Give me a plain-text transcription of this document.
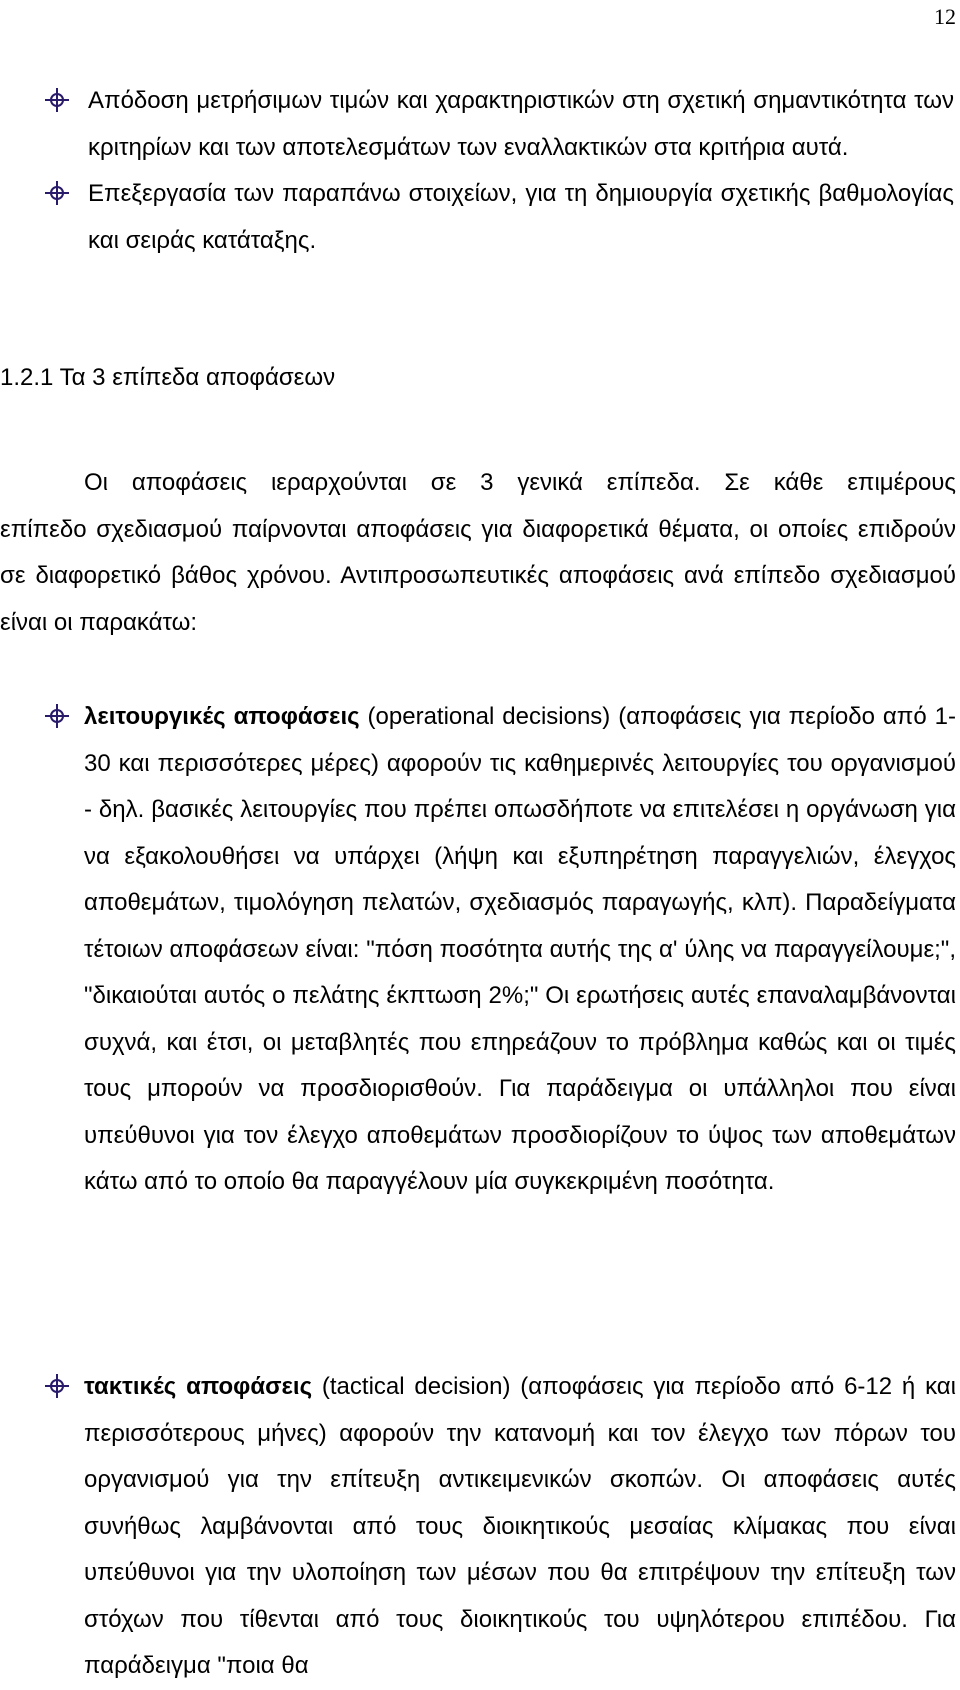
12

Απόδοση μετρήσιμων τιμών και χαρακτηριστικών στη σχετική σημαντικότητα των κριτηρίων και των αποτελεσμάτων των εναλλακτικών στα κριτήρια αυτά.

Επεξεργασία των παραπάνω στοιχείων, για τη δημιουργία σχετικής βαθμολογίας και σειράς κατάταξης.

1.2.1 Τα 3 επίπεδα αποφάσεων

Οι αποφάσεις ιεραρχούνται σε 3 γενικά επίπεδα. Σε κάθε επιμέρους

επίπεδο σχεδιασμού παίρνονται αποφάσεις για διαφορετικά θέματα, οι οποίες επιδρούν σε διαφορετικό βάθος χρόνου. Αντιπροσωπευτικές αποφάσεις ανά επίπεδο σχεδιασμού είναι οι παρακάτω:

λειτουργικές αποφάσεις (operational decisions) (αποφάσεις για περίοδο από 1-30 και περισσότερες μέρες) αφορούν τις καθημερινές λειτουργίες του οργανισμού - δηλ. βασικές λειτουργίες που πρέπει οπωσδήποτε να επιτελέσει η οργάνωση για να εξακολουθήσει να υπάρχει (λήψη και εξυπηρέτηση παραγγελιών, έλεγχος αποθεμάτων, τιμολόγηση πελατών, σχεδιασμός παραγωγής, κλπ). Παραδείγματα τέτοιων αποφάσεων είναι: "πόση ποσότητα αυτής της α' ύλης να παραγγείλουμε;", "δικαιούται αυτός ο πελάτης έκπτωση 2%;" Οι ερωτήσεις αυτές επαναλαμβάνονται συχνά, και έτσι, οι μεταβλητές που επηρεάζουν το πρόβλημα καθώς και οι τιμές τους μπορούν να προσδιορισθούν. Για παράδειγμα οι υπάλληλοι που είναι υπεύθυνοι για τον έλεγχο αποθεμάτων προσδιορίζουν το ύψος των αποθεμάτων κάτω από το οποίο θα παραγγέλουν μία συγκεκριμένη ποσότητα.

τακτικές αποφάσεις (tactical decision) (αποφάσεις για περίοδο από 6-12 ή και περισσότερους μήνες) αφορούν την κατανομή και τον έλεγχο των πόρων του οργανισμού για την επίτευξη αντικειμενικών σκοπών. Οι αποφάσεις αυτές συνήθως λαμβάνονται από τους διοικητικούς μεσαίας κλίμακας που είναι υπεύθυνοι για την υλοποίηση των μέσων που θα επιτρέψουν την επίτευξη των στόχων που τίθενται από τους διοικητικούς του υψηλότερου επιπέδου. Για παράδειγμα "ποια θα
